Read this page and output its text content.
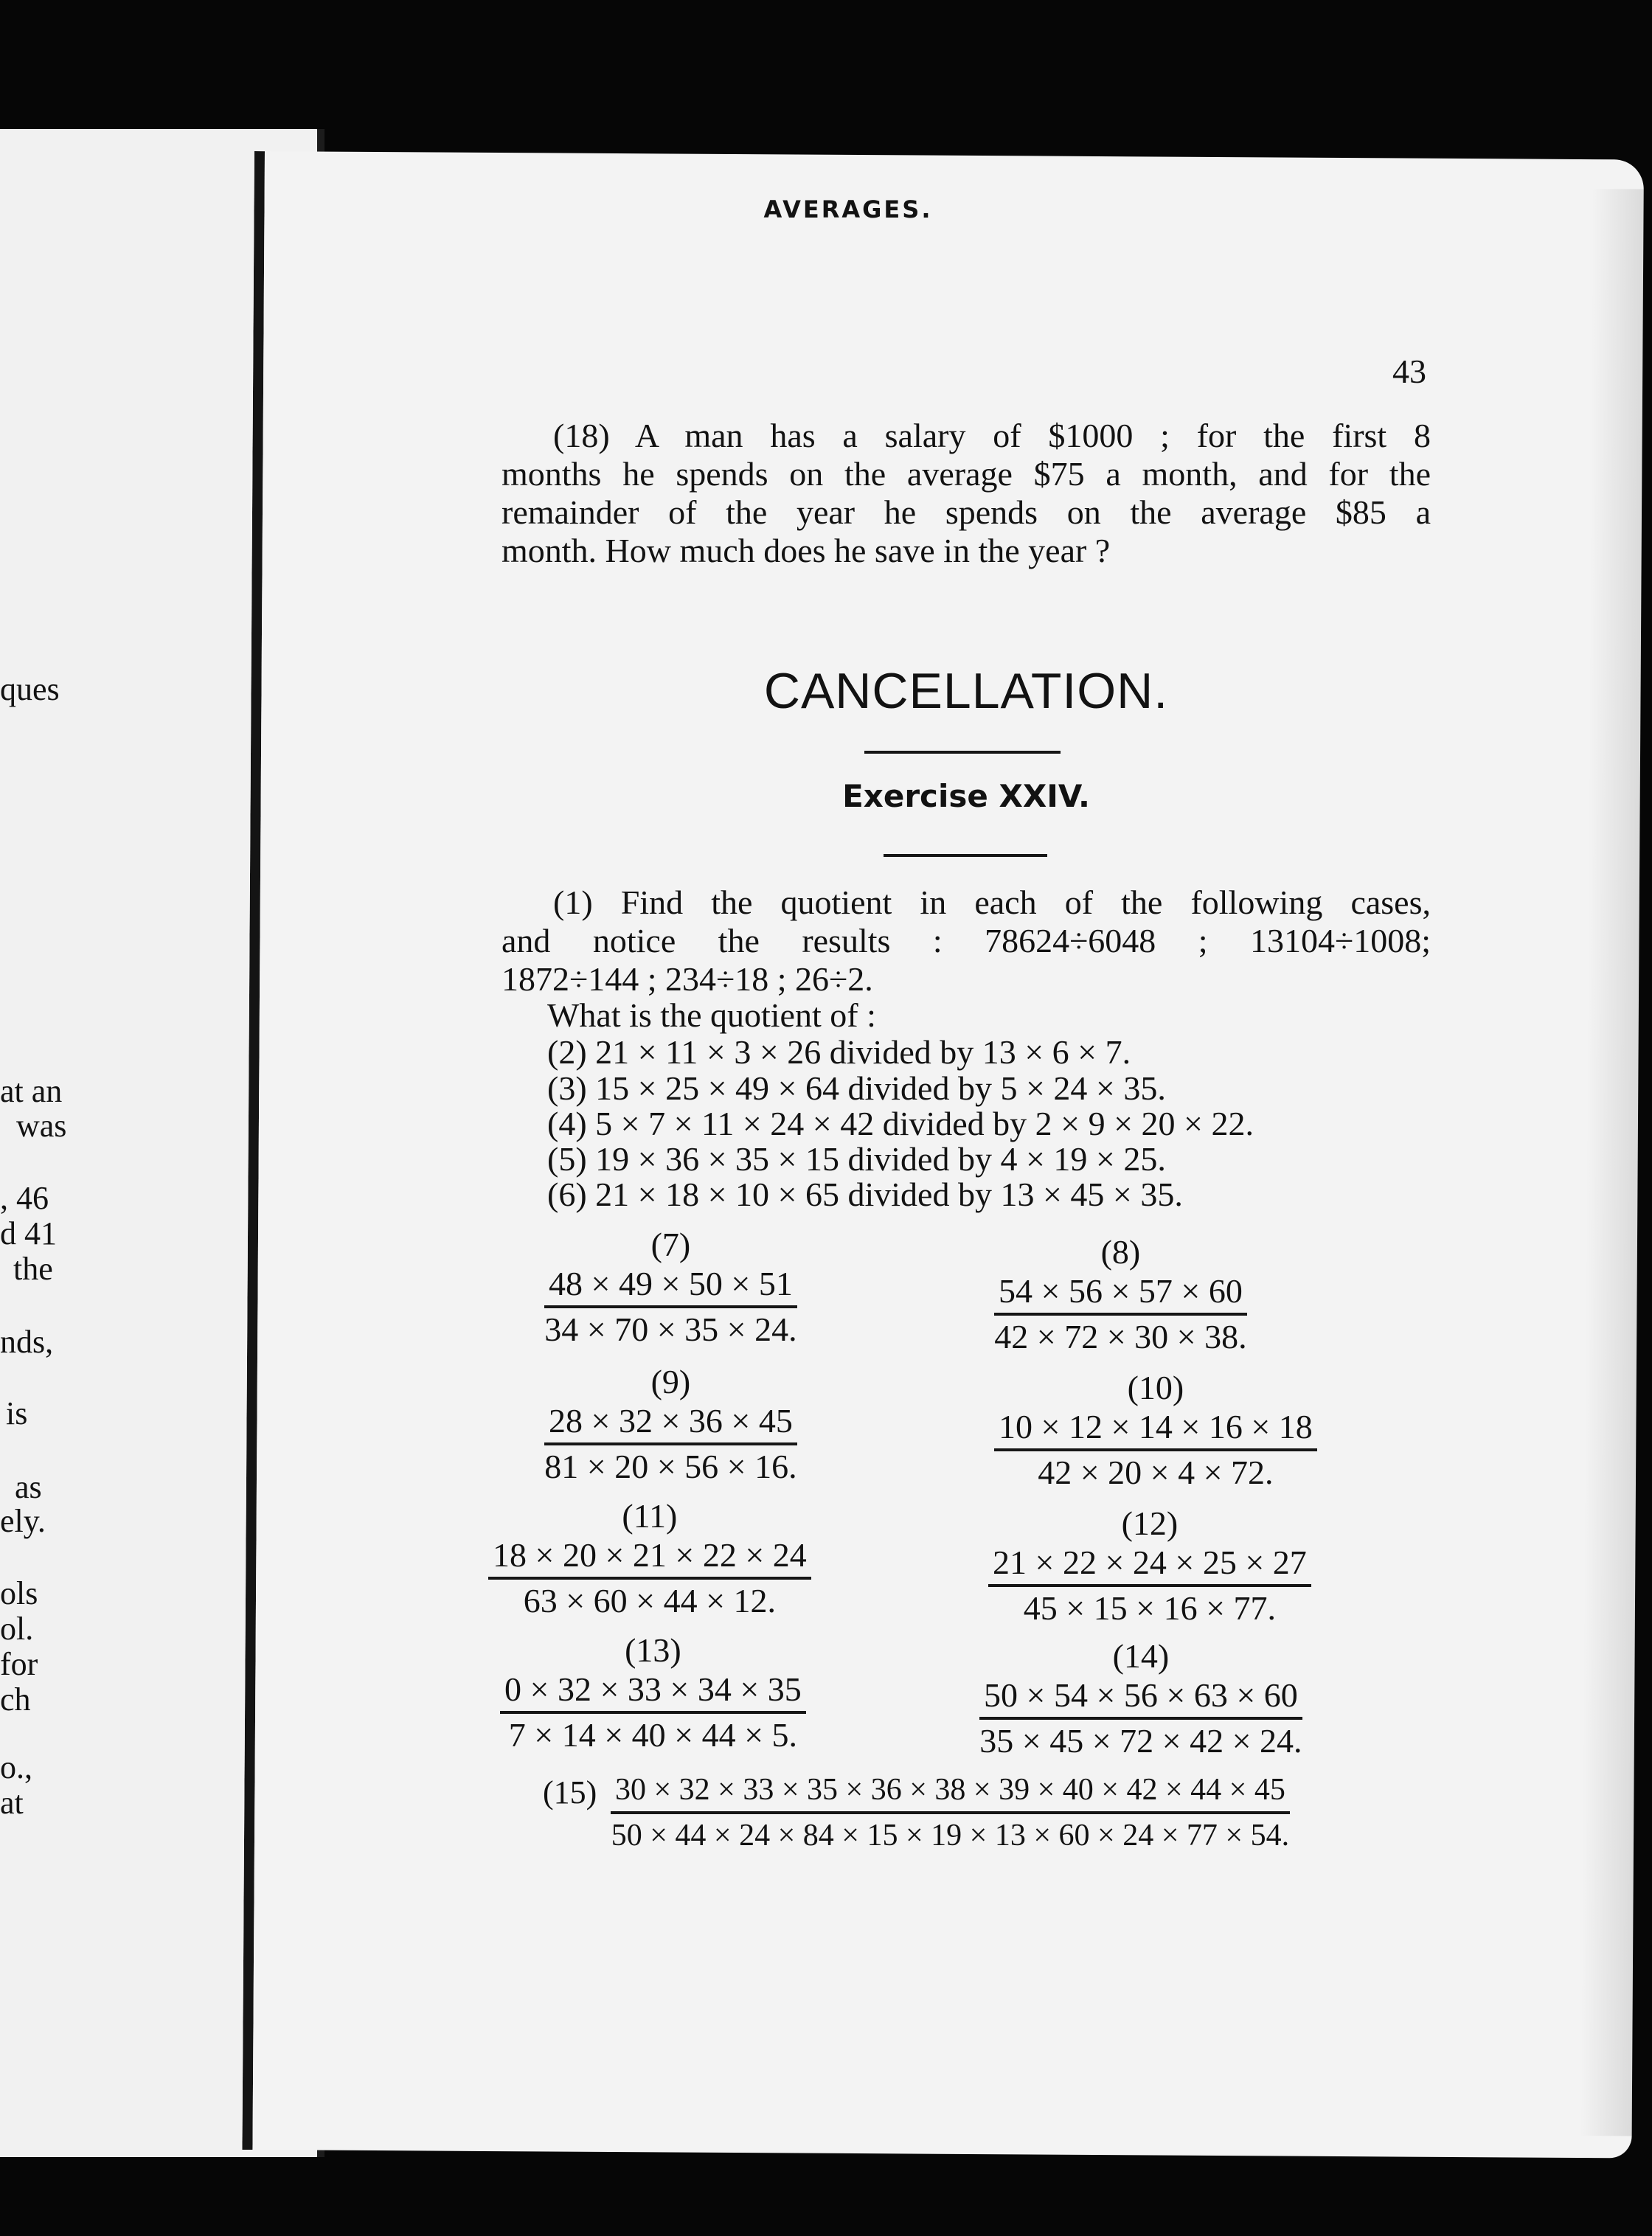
ques
at an
was
, 46
d 41
the
nds,
is
as
ely.
ols
ol.
for
ch
o.,
at
AVERAGES.
43
(18) A man has a salary of $1000 ; for the first 8
months he spends on the average $75 a month, and for the
remainder of the year he spends on the average $85 a
month. How much does he save in the year ?
CANCELLATION.
Exercise XXIV.
(1) Find the quotient in each of the following cases,
and notice the results : 78624÷6048 ; 13104÷1008;
1872÷144 ; 234÷18 ; 26÷2.
What is the quotient of :
(2) 21 × 11 × 3 × 26 divided by 13 × 6 × 7.
(3) 15 × 25 × 49 × 64 divided by 5 × 24 × 35.
(4) 5 × 7 × 11 × 24 × 42 divided by 2 × 9 × 20 × 22.
(5) 19 × 36 × 35 × 15 divided by 4 × 19 × 25.
(6) 21 × 18 × 10 × 65 divided by 13 × 45 × 35.
(7)
48 × 49 × 50 × 51
34 × 70 × 35 × 24.
(8)
54 × 56 × 57 × 60
42 × 72 × 30 × 38.
(9)
28 × 32 × 36 × 45
81 × 20 × 56 × 16.
(10)
10 × 12 × 14 × 16 × 18
42 × 20 × 4 × 72.
(11)
18 × 20 × 21 × 22 × 24
63 × 60 × 44 × 12.
(12)
21 × 22 × 24 × 25 × 27
45 × 15 × 16 × 77.
(13)
0 × 32 × 33 × 34 × 35
7 × 14 × 40 × 44 × 5.
(14)
50 × 54 × 56 × 63 × 60
35 × 45 × 72 × 42 × 24.
$(15) \frac{30 \times 32 \times 33 \times 35 \times 36 \times 38 \times 39 \times 40 \times 42 \times 44 \times 45}{50 \times 44 \times 24 \times 84 \times 15 \times 19 \times 13 \times 60 \times 24 \times 77 \times 54.}$
